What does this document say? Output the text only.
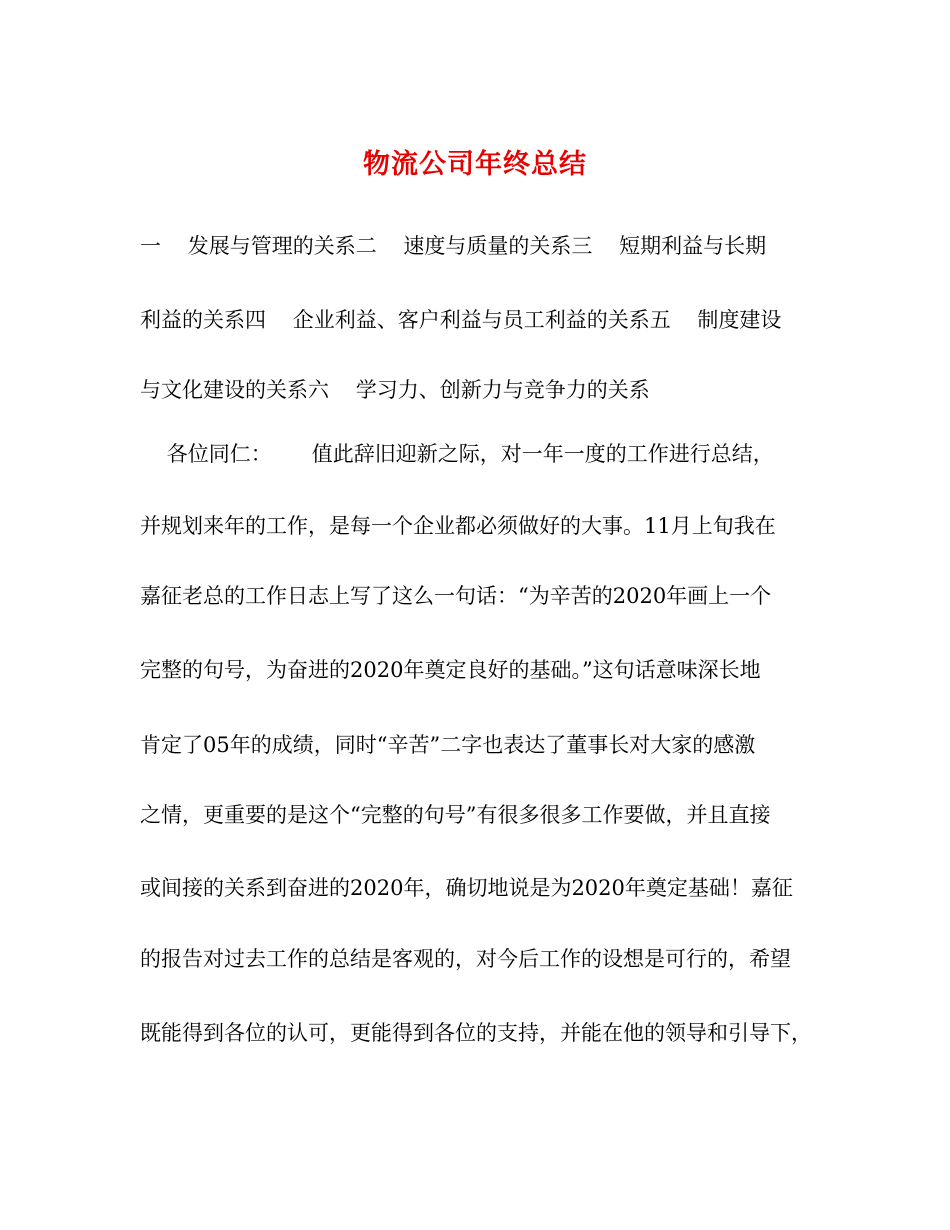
物流公司年终总结
一    发展与管理的关系二    速度与质量的关系三    短期利益与长期
利益的关系四    企业利益、客户利益与员工利益的关系五    制度建设
与文化建设的关系六    学习力、创新力与竞争力的关系
各位同仁：      值此辞旧迎新之际，对一年一度的工作进行总结，
并规划来年的工作，是每一个企业都必须做好的大事。11月上旬我在
嘉征老总的工作日志上写了这么一句话：“为辛苦的2020年画上一个
完整的句号，为奋进的2020年奠定良好的基础。”这句话意味深长地
肯定了05年的成绩，同时“辛苦”二字也表达了董事长对大家的感激
之情，更重要的是这个“完整的句号”有很多很多工作要做，并且直接
或间接的关系到奋进的2020年，确切地说是为2020年奠定基础！嘉征
的报告对过去工作的总结是客观的，对今后工作的设想是可行的，希望
既能得到各位的认可，更能得到各位的支持，并能在他的领导和引导下，
